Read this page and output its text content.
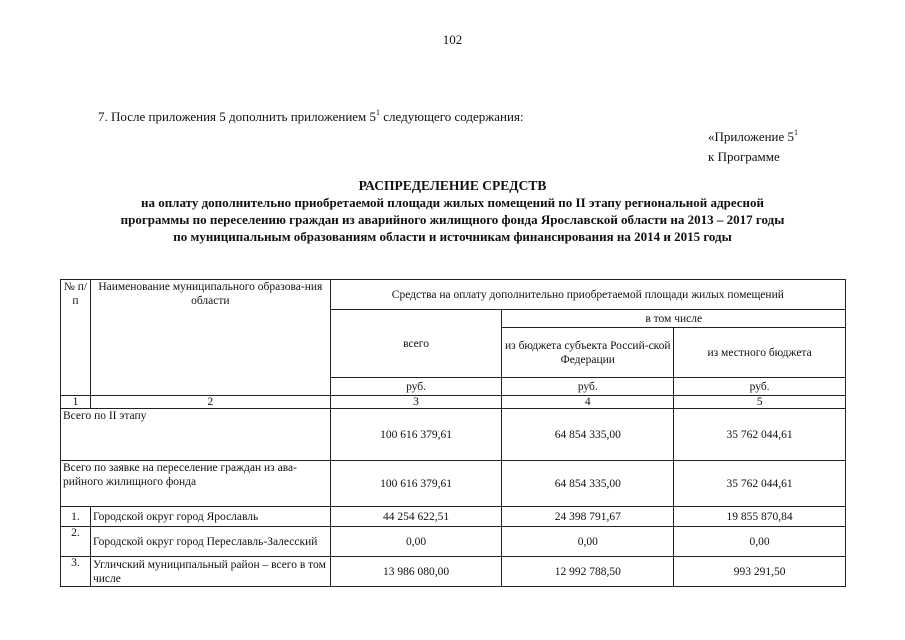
102
7. После приложения 5 дополнить приложением $5^1$ следующего содержания:
«Приложение $5^1$
к Программе
РАСПРЕДЕЛЕНИЕ СРЕДСТВ
на оплату дополнительно приобретаемой площади жилых помещений по II этапу региональной адресной
программы по переселению граждан из аварийного жилищного фонда Ярославской области на 2013 – 2017 годы
по муниципальным образованиям области и источникам финансирования на 2014 и 2015 годы
№ п/п	Наименование муниципального образова-ния области	Средства на оплату дополнительно приобретаемой площади жилых помещений		
		всего	в том числе	
			из бюджета субъекта Россий-ской Федерации	из местного бюджета
		руб.	руб.	руб.
1	2	3	4	5
Всего по II этапу		100 616 379,61	64 854 335,00	35 762 044,61
Всего по заявке на переселение граждан из ава-рийного жилищного фонда		100 616 379,61	64 854 335,00	35 762 044,61
1.	Городской округ город Ярославль	44 254 622,51	24 398 791,67	19 855 870,84
2.	Городской округ город Переславль-Залесский	0,00	0,00	0,00
3.	Угличский муниципальный район – всего в том числе	13 986 080,00	12 992 788,50	993 291,50
